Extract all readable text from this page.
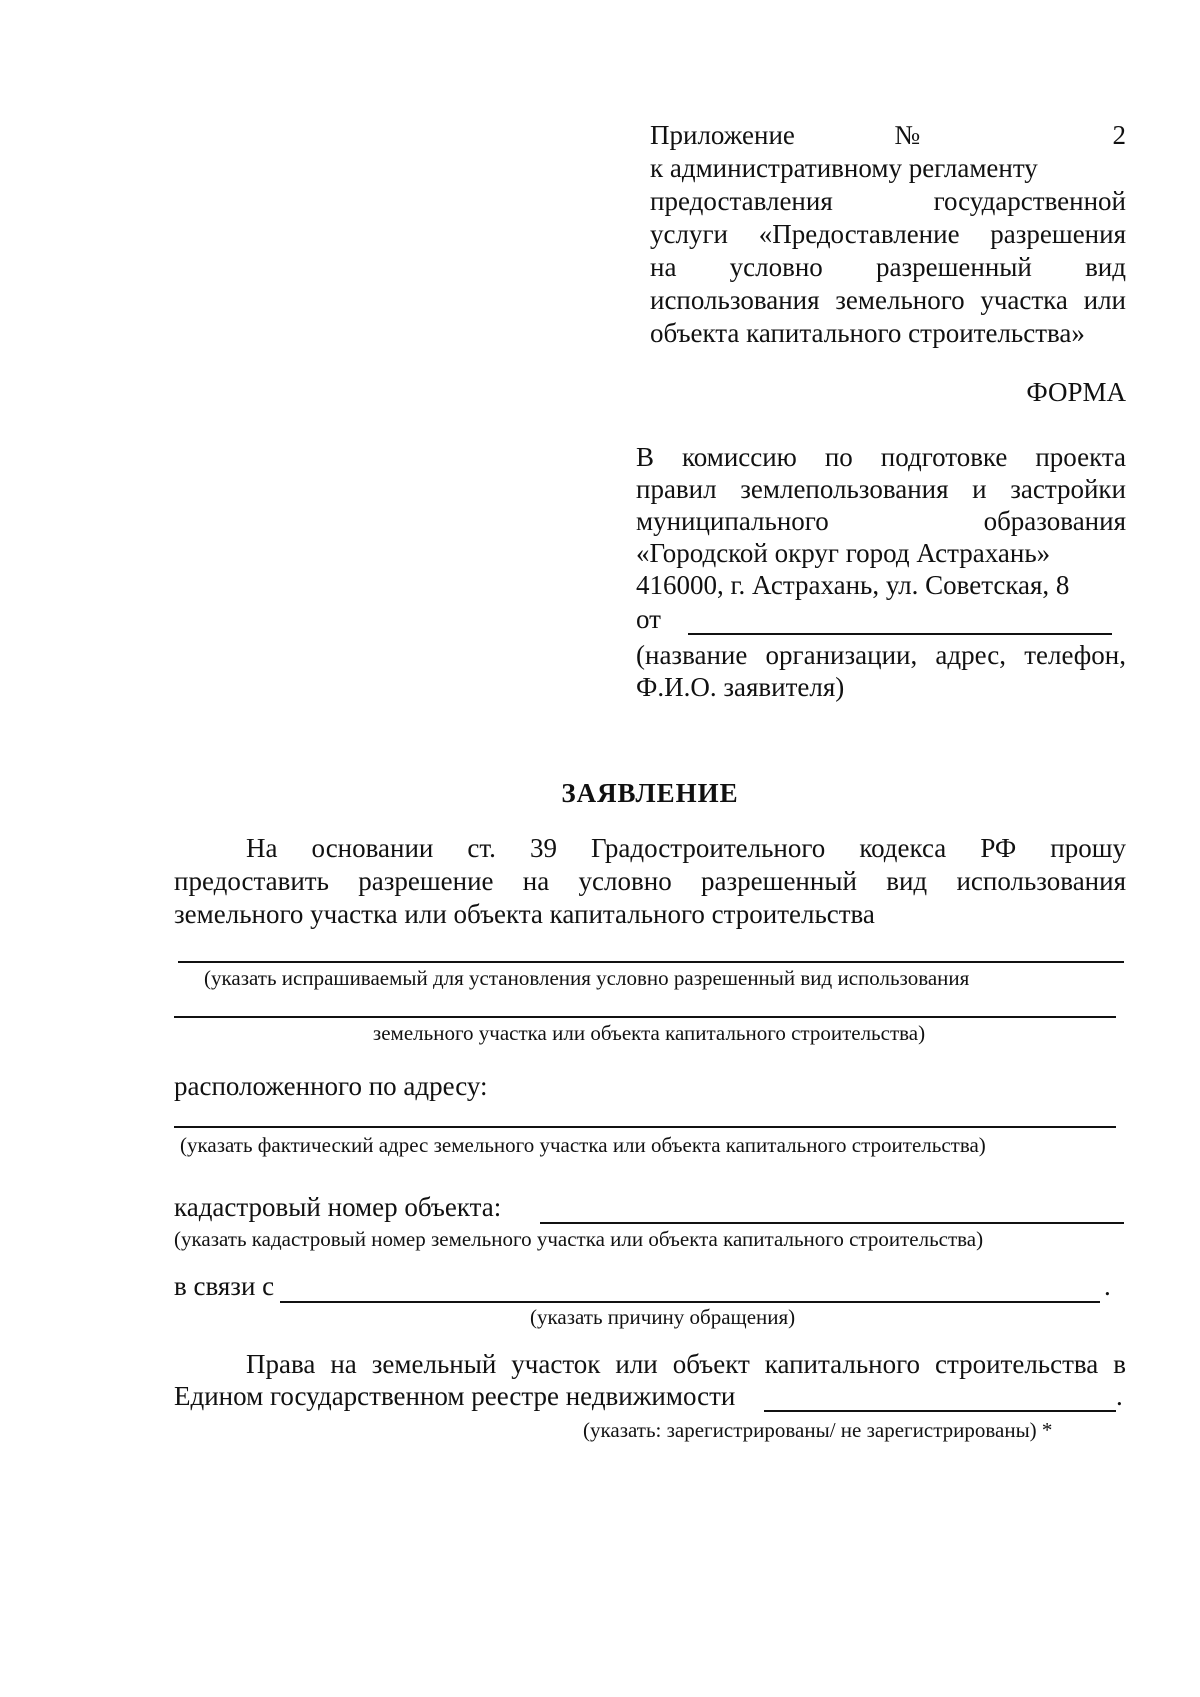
Приложение № 2
к административному регламенту
предоставления государственной
услуги «Предоставление разрешения
на условно разрешенный вид
использования земельного участка или
объекта капитального строительства»
ФОРМА
В комиссию по подготовке проекта
правил землепользования и застройки
муниципального образования
«Городской округ город Астрахань»
416000, г. Астрахань, ул. Советская, 8
от
(название организации, адрес, телефон,
Ф.И.О. заявителя)
ЗАЯВЛЕНИЕ
На основании ст. 39 Градостроительного кодекса РФ прошу
предоставить разрешение на условно разрешенный вид использования
земельного участка или объекта капитального строительства
(указать испрашиваемый для установления условно разрешенный вид использования
земельного участка или объекта капитального строительства)
расположенного по адресу:
(указать фактический адрес земельного участка или объекта капитального строительства)
кадастровый номер объекта:
(указать кадастровый номер земельного участка или объекта капитального строительства)
в связи с	.
(указать причину обращения)
Права на земельный участок или объект капитального строительства в
Едином государственном реестре недвижимости	.
(указать: зарегистрированы/ не зарегистрированы) *
